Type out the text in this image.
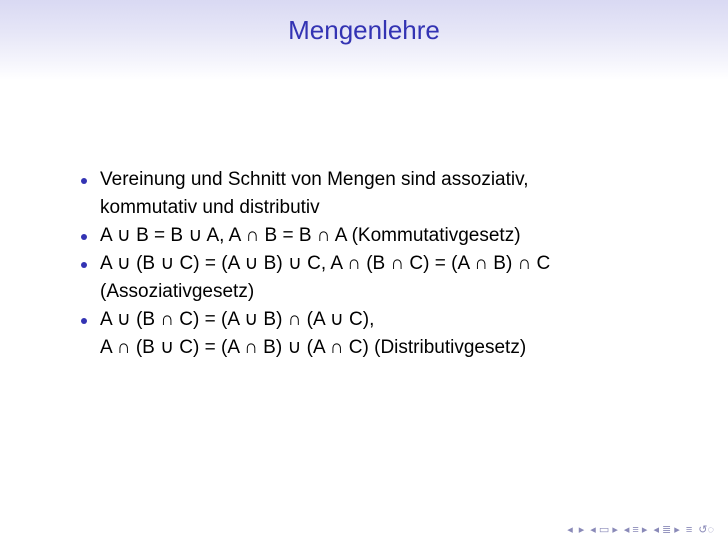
Mengenlehre
Vereinung und Schnitt von Mengen sind assoziativ,
kommutativ und distributiv
A ∪ B = B ∪ A, A ∩ B = B ∩ A (Kommutativgesetz)
A ∪ (B ∪ C) = (A ∪ B) ∪ C, A ∩ (B ∩ C) = (A ∩ B) ∩ C
(Assoziativgesetz)
A ∪ (B ∩ C) = (A ∪ B) ∩ (A ∪ C),
A ∩ (B ∪ C) = (A ∩ B) ∪ (A ∩ C) (Distributivgesetz)
◂ ▸ ◂ ▭ ▸ ◂ ≡ ▸ ◂ ≣ ▸ ≡ ↺◌
